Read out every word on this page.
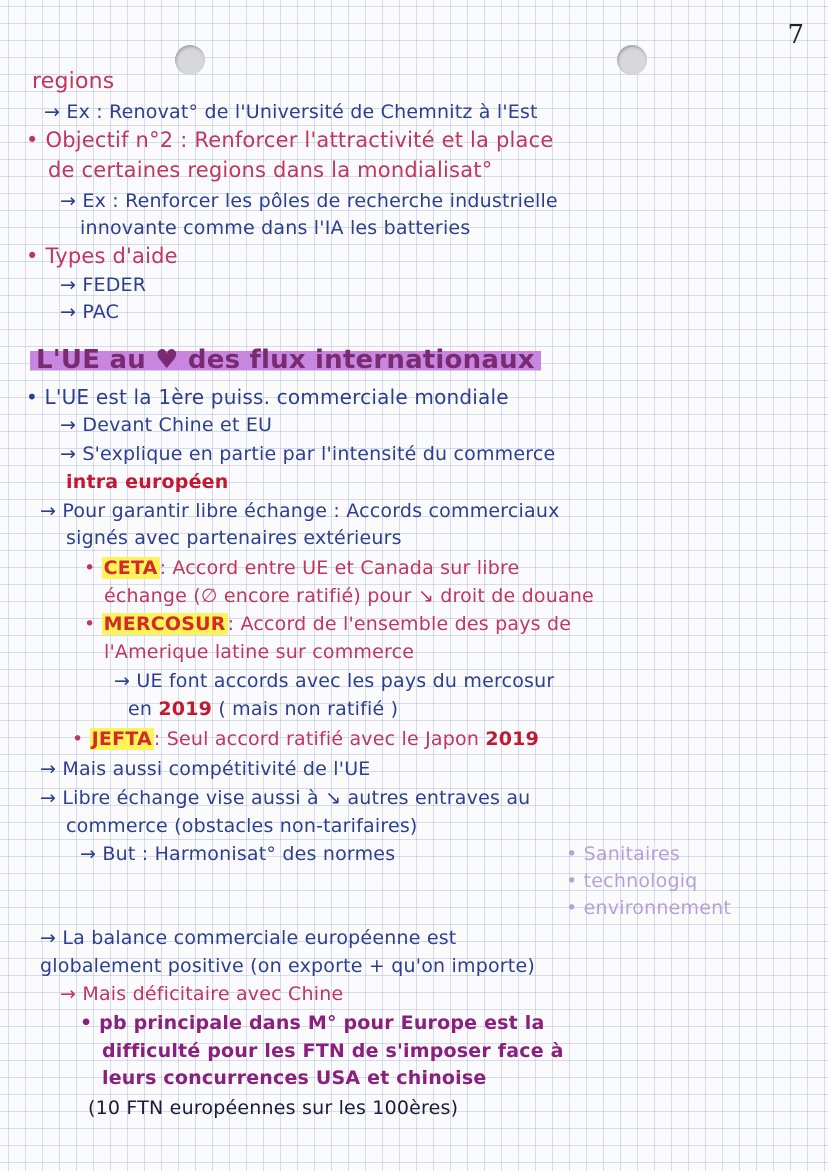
7
regions
→ Ex : Renovat° de l'Université de Chemnitz à l'Est
• Objectif n°2 : Renforcer l'attractivité et la place
de certaines regions dans la mondialisat°
→ Ex : Renforcer les pôles de recherche industrielle
innovante comme dans l'IA les batteries
• Types d'aide
→ FEDER
→ PAC
L'UE au ♥ des flux internationaux
• L'UE est la 1ère puiss. commerciale mondiale
→ Devant Chine et EU
→ S'explique en partie par l'intensité du commerce
intra européen
→ Pour garantir libre échange : Accords commerciaux
signés avec partenaires extérieurs
• CETA : Accord entre UE et Canada sur libre
échange (∅ encore ratifié) pour ↘ droit de douane
• MERCOSUR : Accord de l'ensemble des pays de
l'Amerique latine sur commerce
→ UE font accords avec les pays du mercosur
en 2019 ( mais non ratifié )
• JEFTA : Seul accord ratifié avec le Japon 2019
→ Mais aussi compétitivité de l'UE
→ Libre échange vise aussi à ↘ autres entraves au
commerce (obstacles non-tarifaires)
→ But : Harmonisat° des normes	• Sanitaires
• technologiq
• environnement
→ La balance commerciale européenne est
globalement positive (on exporte + qu'on importe)
→ Mais déficitaire avec Chine
• pb principale dans M° pour Europe est la
difficulté pour les FTN de s'imposer face à
leurs concurrences USA et chinoise
(10 FTN européennes sur les 100ères)
